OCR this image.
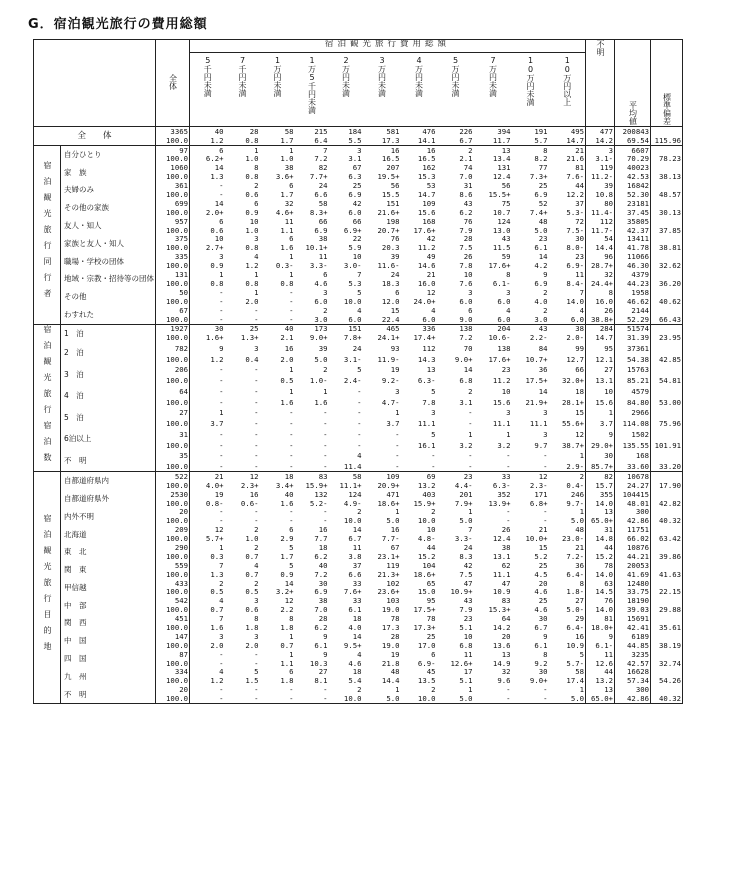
G．宿泊観光旅行の費用総額
		全体	宿泊観光旅行費用総額											不明	平均値	標準偏差
			5千円未満	7千円未満	1万円未満	1万5千円未満	2万円未満	3万円未満	4万円未満	5万円未満	7万円未満	10万円未満	10万円以上			
全　　体		3365	40	28	58	215	184	581	476	226	394	191	495	477	200843	
		100.0	1.2	0.8	1.7	6.4	5.5	17.3	14.1	6.7	11.7	5.7	14.7	14.2	69.54	115.96
宿泊観光旅行同行者	自分ひとり	97	6	1	1	7	3	16	16	2	13	8	21	3	6607	
		100.0	6.2+	1.0	1.0	7.2	3.1	16.5	16.5	2.1	13.4	8.2	21.6	3.1-	70.29	78.23
	家　族	1060	14	8	38	82	67	207	162	74	131	77	81	119	40023	
		100.0	1.3	0.8	3.6+	7.7+	6.3	19.5+	15.3	7.0	12.4	7.3+	7.6-	11.2-	42.53	38.13
	夫婦のみ	361	-	2	6	24	25	56	53	31	56	25	44	39	16842	
		100.0	-	0.6	1.7	6.6	6.9	15.5	14.7	8.6	15.5+	6.9	12.2	10.8	52.30	48.57
	その他の家族	699	14	6	32	58	42	151	109	43	75	52	37	80	23181	
		100.0	2.0+	0.9	4.6+	8.3+	6.0	21.6+	15.6	6.2	10.7	7.4+	5.3-	11.4-	37.45	30.13
	友人・知人	957	6	10	11	66	66	198	168	76	124	48	72	112	35805	
		100.0	0.6	1.0	1.1	6.9	6.9+	20.7+	17.6+	7.9	13.0	5.0	7.5-	11.7-	42.37	37.85
	家族と友人・知人	375	10	3	6	38	22	76	42	28	43	23	30	54	13411	
		100.0	2.7+	0.8	1.6	10.1+	5.9	20.3	11.2	7.5	11.5	6.1	8.0-	14.4	41.78	38.81
	職場・学校の団体	335	3	4	1	11	10	39	49	26	59	14	23	96	11066	
		100.0	0.9	1.2	0.3-	3.3-	3.0-	11.6-	14.6	7.8	17.6+	4.2	6.9-	28.7+	46.30	32.62
	地域・宗教・招待等の団体	131	1	1	1	6	7	24	21	10	8	9	11	32	4379	
		100.0	0.8	0.8	0.8	4.6	5.3	18.3	16.0	7.6	6.1-	6.9	8.4-	24.4+	44.23	36.20
	その他	50	-	1	-	3	5	6	12	3	3	2	7	8	1958	
		100.0	-	2.0	-	6.0	10.0	12.0	24.0+	6.0	6.0	4.0	14.0	16.0	46.62	40.62
	わすれた	67	-	-	-	2	4	15	4	6	4	2	4	26	2144	
		100.0	-	-	-	3.0	6.0	22.4	6.0	9.0	6.0	3.0	6.0	38.8+	52.29	66.43
宿泊観光旅行宿泊数	1　泊	1927	30	25	40	173	151	465	336	138	204	43	38	284	51574	
		100.0	1.6+	1.3+	2.1	9.0+	7.8+	24.1+	17.4+	7.2	10.6-	2.2-	2.0-	14.7	31.39	23.95
	2　泊	782	9	3	16	39	24	93	112	70	138	84	99	95	37361	
		100.0	1.2	0.4	2.0	5.0	3.1-	11.9-	14.3	9.0+	17.6+	10.7+	12.7	12.1	54.38	42.85
	3　泊	206	-	-	1	2	5	19	13	14	23	36	66	27	15763	
		100.0	-	-	0.5	1.0-	2.4-	9.2-	6.3-	6.8	11.2	17.5+	32.0+	13.1	85.21	54.81
	4　泊	64	-	-	1	1	-	3	5	2	10	14	18	10	4579	
		100.0	-	-	1.6	1.6	-	4.7-	7.8	3.1	15.6	21.9+	28.1+	15.6	84.80	53.00
	5　泊	27	1	-	-	-	-	1	3	-	3	3	15	1	2966	
		100.0	3.7	-	-	-	-	3.7	11.1	-	11.1	11.1	55.6+	3.7	114.08	75.96
	6泊以上	31	-	-	-	-	-	-	5	1	1	3	12	9	1502	
		100.0	-	-	-	-	-	-	16.1	3.2	3.2	9.7	38.7+	29.0+	135.55	101.91
	不　明	35	-	-	-	-	4	-	-	-	-	-	1	30	168	
		100.0	-	-	-	-	11.4	-	-	-	-	-	2.9-	85.7+	33.60	33.20
宿泊観光旅行目的地	自都道府県内	522	21	12	18	83	58	109	69	23	33	12	2	82	10678	
		100.0	4.0+	2.3+	3.4+	15.9+	11.1+	20.9+	13.2	4.4-	6.3-	2.3-	0.4-	15.7	24.27	17.90
	自都道府県外	2530	19	16	40	132	124	471	403	201	352	171	246	355	104415	
		100.0	0.8-	0.6-	1.6	5.2-	4.9-	18.6+	15.9+	7.9+	13.9+	6.8+	9.7-	14.0	48.01	42.82
	内外不明	20	-	-	-	-	2	1	2	1	-	-	1	13	300	
		100.0	-	-	-	-	10.0	5.0	10.0	5.0	-	-	5.0	65.0+	42.86	40.32
	北海道	209	12	2	6	16	14	16	10	7	26	21	48	31	11751	
		100.0	5.7+	1.0	2.9	7.7	6.7	7.7-	4.8-	3.3-	12.4	10.0+	23.0-	14.8	66.02	63.42
	東　北	290	1	2	5	18	11	67	44	24	38	15	21	44	10876	
		100.0	0.3	0.7	1.7	6.2	3.8	23.1+	15.2	8.3	13.1	5.2	7.2-	15.2	44.21	39.86
	関　東	559	7	4	5	40	37	119	104	42	62	25	36	78	20053	
		100.0	1.3	0.7	0.9	7.2	6.6	21.3+	18.6+	7.5	11.1	4.5	6.4-	14.0	41.69	41.63
	甲信越	433	2	2	14	30	33	102	65	47	47	20	8	63	12480	
		100.0	0.5	0.5	3.2+	6.9	7.6+	23.6+	15.0	10.9+	10.9	4.6	1.8-	14.5	33.75	22.15
	中　部	542	4	3	12	38	33	103	95	43	83	25	27	76	18190	
		100.0	0.7	0.6	2.2	7.0	6.1	19.0	17.5+	7.9	15.3+	4.6	5.0-	14.0	39.03	29.88
	関　西	451	7	8	8	28	18	78	78	23	64	30	29	81	15691	
		100.0	1.6	1.8	1.8	6.2	4.0	17.3	17.3+	5.1	14.2	6.7	6.4-	18.0+	42.41	35.61
	中　国	147	3	3	1	9	14	28	25	10	20	9	16	9	6189	
		100.0	2.0	2.0	0.7	6.1	9.5+	19.0	17.0	6.8	13.6	6.1	10.9	6.1-	44.85	38.19
	四　国	87	-	-	1	9	4	19	6	11	13	8	5	11	3235	
		100.0	-	-	1.1	10.3	4.6	21.8	6.9-	12.6+	14.9	9.2	5.7-	12.6	42.57	32.74
	九　州	334	4	5	6	27	18	48	45	17	32	30	58	44	16628	
		100.0	1.2	1.5	1.8	8.1	5.4	14.4	13.5	5.1	9.6	9.0+	17.4	13.2	57.34	54.26
	不　明	20	-	-	-	-	2	1	2	1	-	-	1	13	300	
		100.0	-	-	-	-	10.0	5.0	10.0	5.0	-	-	5.0	65.0+	42.86	40.32
